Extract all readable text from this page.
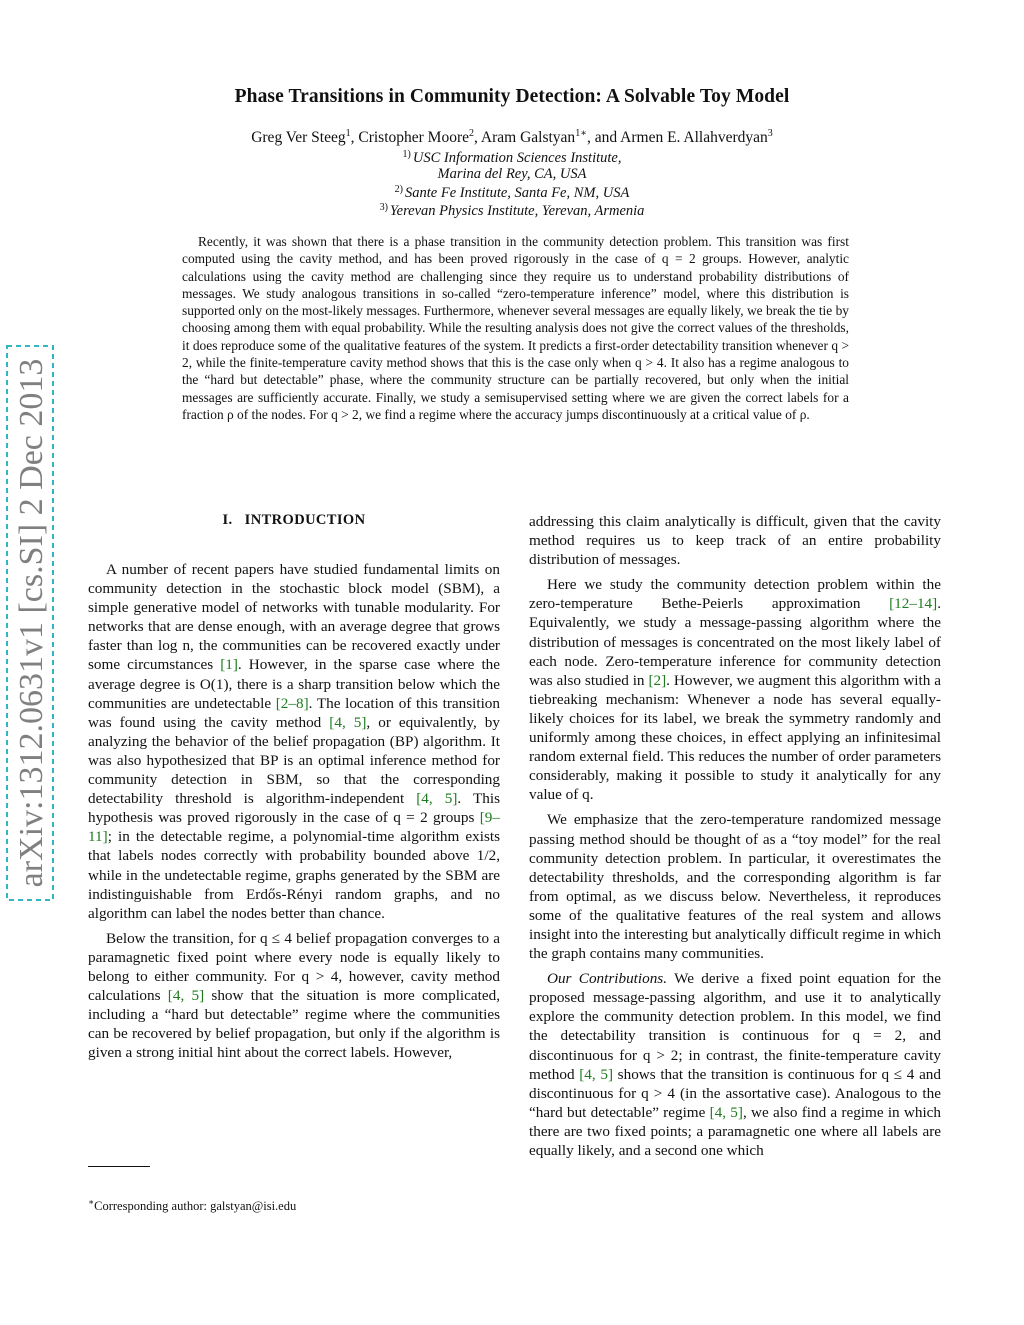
arXiv:1312.0631v1 [cs.SI] 2 Dec 2013
Phase Transitions in Community Detection: A Solvable Toy Model
Greg Ver Steeg$^1$, Cristopher Moore$^2$, Aram Galstyan$^{1∗}$, and Armen E. Allahverdyan$^3$
$^{1)}$ USC Information Sciences Institute,
Marina del Rey, CA, USA
$^{2)}$ Sante Fe Institute, Santa Fe, NM, USA
$^{3)}$ Yerevan Physics Institute, Yerevan, Armenia
Recently, it was shown that there is a phase transition in the community detection problem. This transition was first computed using the cavity method, and has been proved rigorously in the case of q = 2 groups. However, analytic calculations using the cavity method are challenging since they require us to understand probability distributions of messages. We study analogous transitions in so-called “zero-temperature inference” model, where this distribution is supported only on the most-likely messages. Furthermore, whenever several messages are equally likely, we break the tie by choosing among them with equal probability. While the resulting analysis does not give the correct values of the thresholds, it does reproduce some of the qualitative features of the system. It predicts a first-order detectability transition whenever q > 2, while the finite-temperature cavity method shows that this is the case only when q > 4. It also has a regime analogous to the “hard but detectable” phase, where the community structure can be partially recovered, but only when the initial messages are sufficiently accurate. Finally, we study a semisupervised setting where we are given the correct labels for a fraction ρ of the nodes. For q > 2, we find a regime where the accuracy jumps discontinuously at a critical value of ρ.
I. INTRODUCTION

A number of recent papers have studied fundamental limits on community detection in the stochastic block model (SBM), a simple generative model of networks with tunable modularity. For networks that are dense enough, with an average degree that grows faster than log n, the communities can be recovered exactly under some circumstances [1]. However, in the sparse case where the average degree is O(1), there is a sharp transition below which the communities are undetectable [2–8]. The location of this transition was found using the cavity method [4, 5], or equivalently, by analyzing the behavior of the belief propagation (BP) algorithm. It was also hypothesized that BP is an optimal inference method for community detection in SBM, so that the corresponding detectability threshold is algorithm-independent [4, 5]. This hypothesis was proved rigorously in the case of q = 2 groups [9–11]; in the detectable regime, a polynomial-time algorithm exists that labels nodes correctly with probability bounded above 1/2, while in the undetectable regime, graphs generated by the SBM are indistinguishable from Erdős-Rényi random graphs, and no algorithm can label the nodes better than chance.

Below the transition, for q ≤ 4 belief propagation converges to a paramagnetic fixed point where every node is equally likely to belong to either community. For q > 4, however, cavity method calculations [4, 5] show that the situation is more complicated, including a “hard but detectable” regime where the communities can be recovered by belief propagation, but only if the algorithm is given a strong initial hint about the correct labels. However,

addressing this claim analytically is difficult, given that the cavity method requires us to keep track of an entire probability distribution of messages.

Here we study the community detection problem within the zero-temperature Bethe-Peierls approximation [12–14]. Equivalently, we study a message-passing algorithm where the distribution of messages is concentrated on the most likely label of each node. Zero-temperature inference for community detection was also studied in [2]. However, we augment this algorithm with a tiebreaking mechanism: Whenever a node has several equally-likely choices for its label, we break the symmetry randomly and uniformly among these choices, in effect applying an infinitesimal random external field. This reduces the number of order parameters considerably, making it possible to study it analytically for any value of q.

We emphasize that the zero-temperature randomized message passing method should be thought of as a “toy model” for the real community detection problem. In particular, it overestimates the detectability thresholds, and the corresponding algorithm is far from optimal, as we discuss below. Nevertheless, it reproduces some of the qualitative features of the real system and allows insight into the interesting but analytically difficult regime in which the graph contains many communities.

Our Contributions. We derive a fixed point equation for the proposed message-passing algorithm, and use it to analytically explore the community detection problem. In this model, we find the detectability transition is continuous for q = 2, and discontinuous for q > 2; in contrast, the finite-temperature cavity method [4, 5] shows that the transition is continuous for q ≤ 4 and discontinuous for q > 4 (in the assortative case). Analogous to the “hard but detectable” regime [4, 5], we also find a regime in which there are two fixed points; a paramagnetic one where all labels are equally likely, and a second one which

∗Corresponding author: galstyan@isi.edu
